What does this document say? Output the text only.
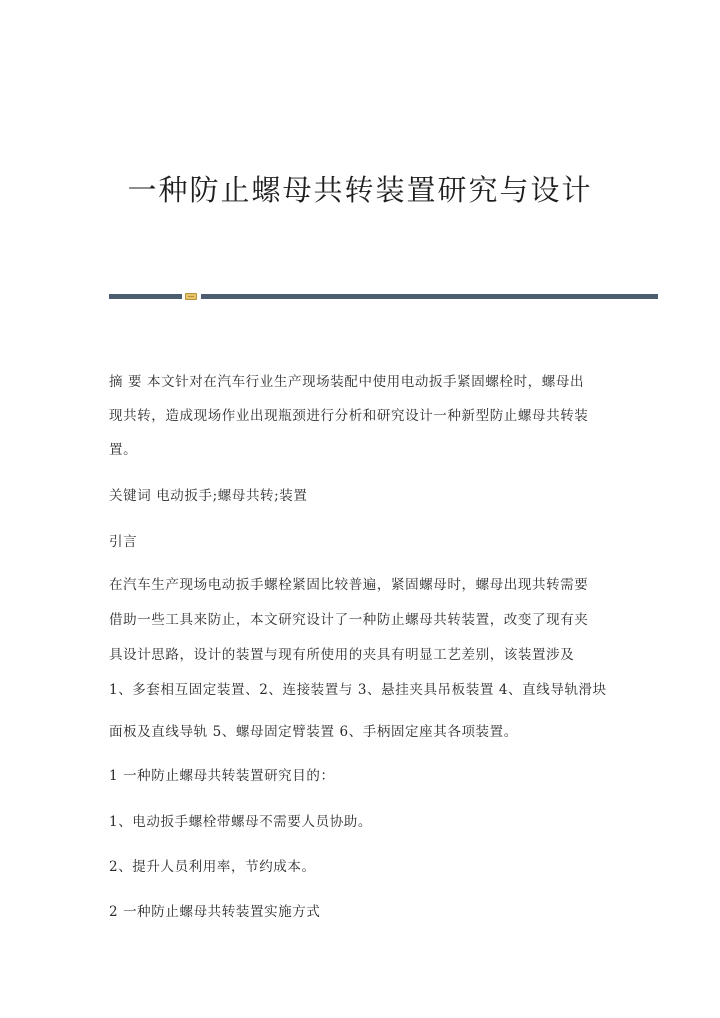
一种防止螺母共转装置研究与设计
摘 要 本文针对在汽车行业生产现场装配中使用电动扳手紧固螺栓时，螺母出
现共转，造成现场作业出现瓶颈进行分析和研究设计一种新型防止螺母共转装
置。
关键词 电动扳手;螺母共转;装置
引言
在汽车生产现场电动扳手螺栓紧固比较普遍，紧固螺母时，螺母出现共转需要
借助一些工具来防止，本文研究设计了一种防止螺母共转装置，改变了现有夹
具设计思路，设计的装置与现有所使用的夹具有明显工艺差别，该装置涉及
1、多套相互固定装置、2、连接装置与 3、悬挂夹具吊板装置 4、直线导轨滑块
面板及直线导轨 5、螺母固定臂装置 6、手柄固定座其各项装置。
1 一种防止螺母共转装置研究目的：
1、电动扳手螺栓带螺母不需要人员协助。
2、提升人员利用率，节约成本。
2 一种防止螺母共转装置实施方式
